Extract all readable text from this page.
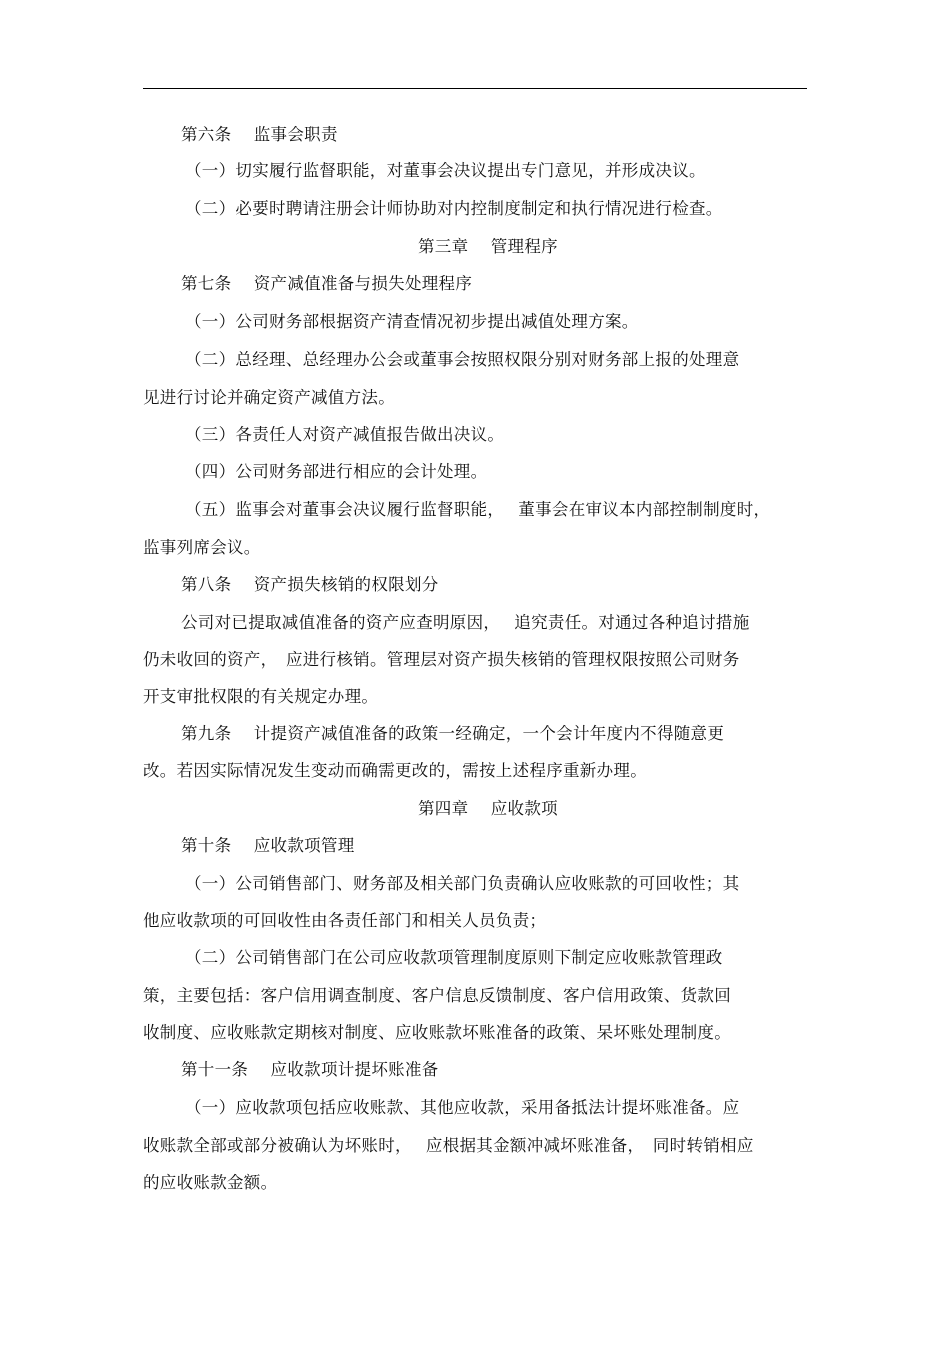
第六条　 监事会职责
（一）切实履行监督职能，对董事会决议提出专门意见，并形成决议。
（二）必要时聘请注册会计师协助对内控制度制定和执行情况进行检查。
第三章　 管理程序
第七条　 资产减值准备与损失处理程序
（一）公司财务部根据资产清查情况初步提出减值处理方案。
（二）总经理、总经理办公会或董事会按照权限分别对财务部上报的处理意
见进行讨论并确定资产减值方法。
（三）各责任人对资产减值报告做出决议。
（四）公司财务部进行相应的会计处理。
（五）监事会对董事会决议履行监督职能，　 董事会在审议本内部控制制度时，
监事列席会议。
第八条　 资产损失核销的权限划分
公司对已提取减值准备的资产应查明原因，　 追究责任。对通过各种追讨措施
仍未收回的资产，　应进行核销。管理层对资产损失核销的管理权限按照公司财务
开支审批权限的有关规定办理。
第九条　 计提资产减值准备的政策一经确定，一个会计年度内不得随意更
改。若因实际情况发生变动而确需更改的，需按上述程序重新办理。
第四章　 应收款项
第十条　 应收款项管理
（一）公司销售部门、财务部及相关部门负责确认应收账款的可回收性；其
他应收款项的可回收性由各责任部门和相关人员负责；
（二）公司销售部门在公司应收款项管理制度原则下制定应收账款管理政
策，主要包括：客户信用调查制度、客户信息反馈制度、客户信用政策、货款回
收制度、应收账款定期核对制度、应收账款坏账准备的政策、呆坏账处理制度。
第十一条　 应收款项计提坏账准备
（一）应收款项包括应收账款、其他应收款，采用备抵法计提坏账准备。应
收账款全部或部分被确认为坏账时，　 应根据其金额冲减坏账准备，　同时转销相应
的应收账款金额。
